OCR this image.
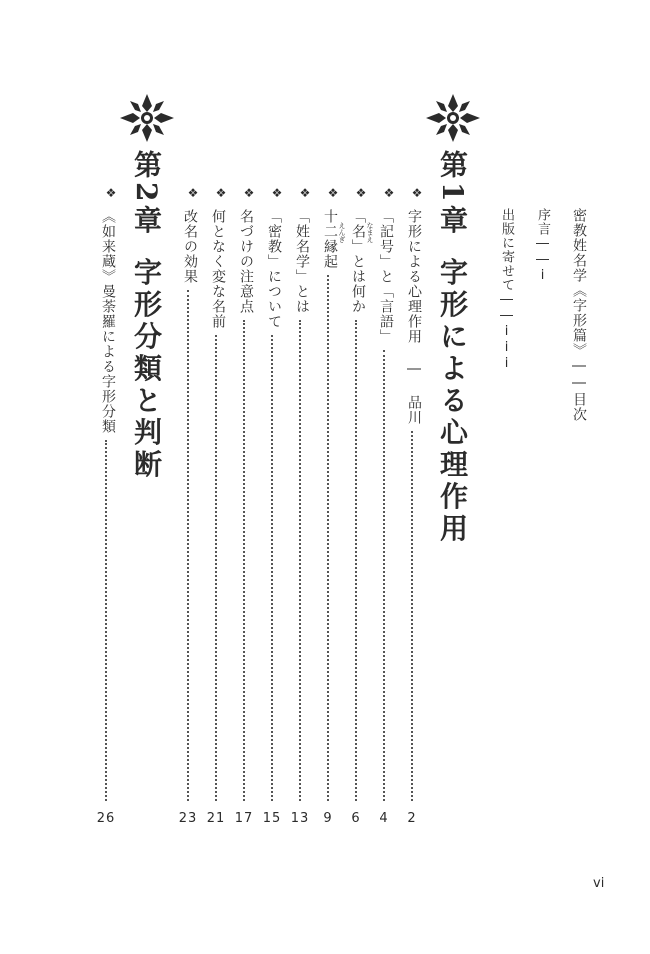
密教姓名学《字形篇》――目次
序言――i
出版に寄せて――iii
第1章字形による心理作用
❖
字形による心理作用 ― 品川
2
❖
「記号」と「言語」
4
❖
「名」とは何か
6
❖
十二縁起
9
❖
「姓名学」とは
13
❖
「密教」について
15
❖
名づけの注意点
17
❖
何となく変な名前
21
❖
改名の効果
23
なまえ
えんぎ
第2章字形分類と判断
❖
《如来蔵》曼荼羅による字形分類
26
vi
